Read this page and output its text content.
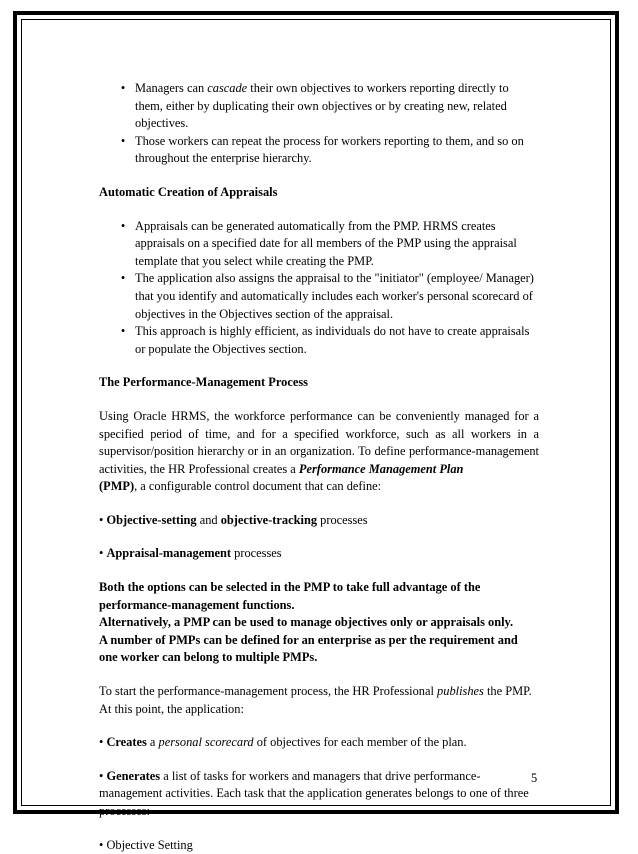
• Managers can cascade their own objectives to workers reporting directly to them, either by duplicating their own objectives or by creating new, related objectives.
• Those workers can repeat the process for workers reporting to them, and so on throughout the enterprise hierarchy.

Automatic Creation of Appraisals

• Appraisals can be generated automatically from the PMP. HRMS creates appraisals on a specified date for all members of the PMP using the appraisal template that you select while creating the PMP.
• The application also assigns the appraisal to the "initiator" (employee/ Manager) that you identify and automatically includes each worker's personal scorecard of objectives in the Objectives section of the appraisal.
• This approach is highly efficient, as individuals do not have to create appraisals or populate the Objectives section.

The Performance-Management Process

Using Oracle HRMS, the workforce performance can be conveniently managed for a specified period of time, and for a specified workforce, such as all workers in a supervisor/position hierarchy or in an organization. To define performance-management activities, the HR Professional creates a Performance Management Plan
(PMP), a configurable control document that can define:

• Objective-setting and objective-tracking processes

• Appraisal-management processes

Both the options can be selected in the PMP to take full advantage of the performance-management functions.
Alternatively, a PMP can be used to manage objectives only or appraisals only.
A number of PMPs can be defined for an enterprise as per the requirement and one worker can belong to multiple PMPs.

To start the performance-management process, the HR Professional publishes the PMP. At this point, the application:

• Creates a personal scorecard of objectives for each member of the plan.

• Generates a list of tasks for workers and managers that drive performance-management activities. Each task that the application generates belongs to one of three processes:

• Objective Setting

5
